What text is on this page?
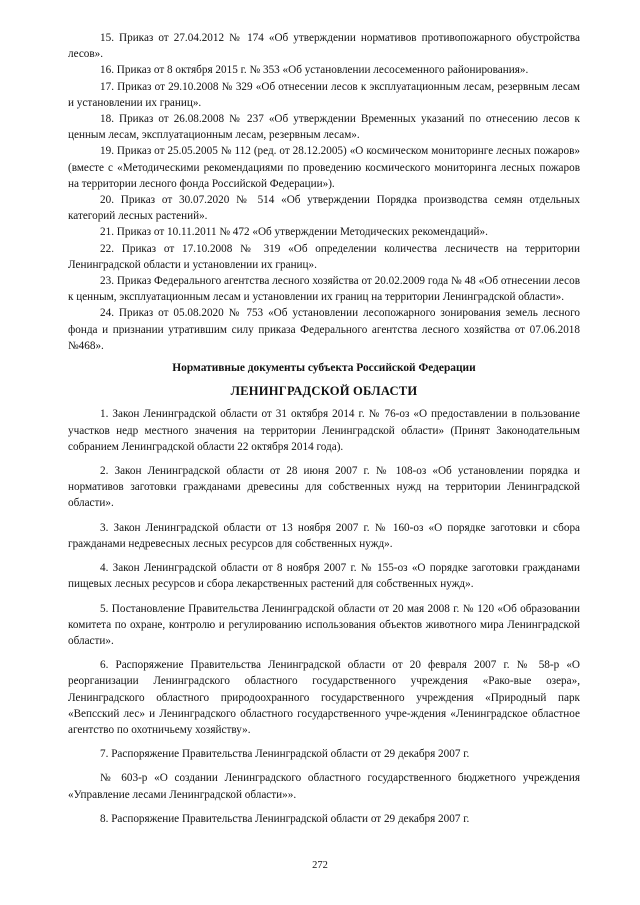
15. Приказ от 27.04.2012 № 174 «Об утверждении нормативов противопожарного обустройства лесов».

16. Приказ от 8 октября 2015 г. № 353 «Об установлении лесосеменного районирования».

17. Приказ от 29.10.2008 № 329 «Об отнесении лесов к эксплуатационным лесам, резервным лесам и установлении их границ».

18. Приказ от 26.08.2008 № 237 «Об утверждении Временных указаний по отнесению лесов к ценным лесам, эксплуатационным лесам, резервным лесам».

19. Приказ от 25.05.2005 № 112 (ред. от 28.12.2005) «О космическом мониторинге лесных пожаров» (вместе с «Методическими рекомендациями по проведению космического мониторинга лесных пожаров на территории лесного фонда Российской Федерации»).

20. Приказ от 30.07.2020 № 514 «Об утверждении Порядка производства семян отдельных категорий лесных растений».

21. Приказ от 10.11.2011 № 472 «Об утверждении Методических рекомендаций».

22. Приказ от 17.10.2008 № 319 «Об определении количества лесничеств на территории Ленинградской области и установлении их границ».

23. Приказ Федерального агентства лесного хозяйства от 20.02.2009 года № 48 «Об отнесении лесов к ценным, эксплуатационным лесам и установлении их границ на территории Ленинградской области».

24. Приказ от 05.08.2020 № 753 «Об установлении лесопожарного зонирования земель лесного фонда и признании утратившим силу приказа Федерального агентства лесного хозяйства от 07.06.2018 №468».

Нормативные документы субъекта Российской Федерации

ЛЕНИНГРАДСКОЙ ОБЛАСТИ

1. Закон Ленинградской области от 31 октября 2014 г. № 76-оз «О предоставлении в пользование участков недр местного значения на территории Ленинградской области» (Принят Законодательным собранием Ленинградской области 22 октября 2014 года).

2. Закон Ленинградской области от 28 июня 2007 г. № 108-оз «Об установлении порядка и нормативов заготовки гражданами древесины для собственных нужд на территории Ленинградской области».

3. Закон Ленинградской области от 13 ноября 2007 г. № 160-оз «О порядке заготовки и сбора гражданами недревесных лесных ресурсов для собственных нужд».

4. Закон Ленинградской области от 8 ноября 2007 г. № 155-оз «О порядке заготовки гражданами пищевых лесных ресурсов и сбора лекарственных растений для собственных нужд».

5. Постановление Правительства Ленинградской области от 20 мая 2008 г. № 120 «Об образовании комитета по охране, контролю и регулированию использования объектов животного мира Ленинградской области».

6. Распоряжение Правительства Ленинградской области от 20 февраля 2007 г. № 58-р «О реорганизации Ленинградского областного государственного учреждения «Рако-вые озера», Ленинградского областного природоохранного государственного учреждения «Природный парк «Вепсский лес» и Ленинградского областного государственного учре-ждения «Ленинградское областное агентство по охотничьему хозяйству».

7. Распоряжение Правительства Ленинградской области от 29 декабря 2007 г.

№ 603-р «О создании Ленинградского областного государственного бюджетного учреждения «Управление лесами Ленинградской области»».

8. Распоряжение Правительства Ленинградской области от 29 декабря 2007 г.

272
